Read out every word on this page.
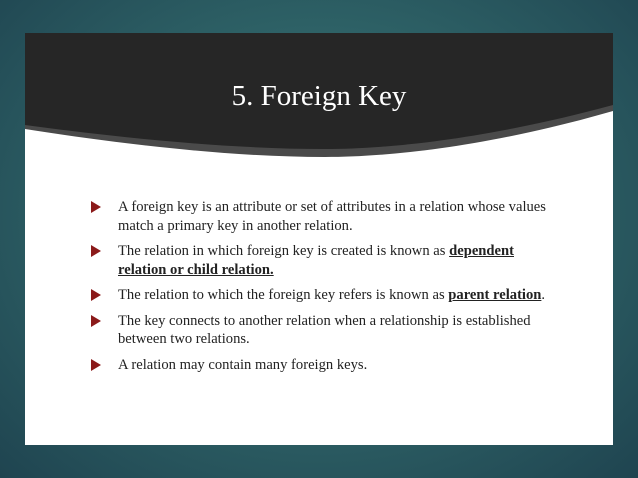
5. Foreign Key
A foreign key is an attribute or set of attributes in a relation whose values match a primary key in another relation.
The relation in which foreign key is created is known as dependent relation or child relation.
The relation to which the foreign key refers is known as parent relation.
The key connects to another relation when a relationship is established between two relations.
A relation may contain many foreign keys.
